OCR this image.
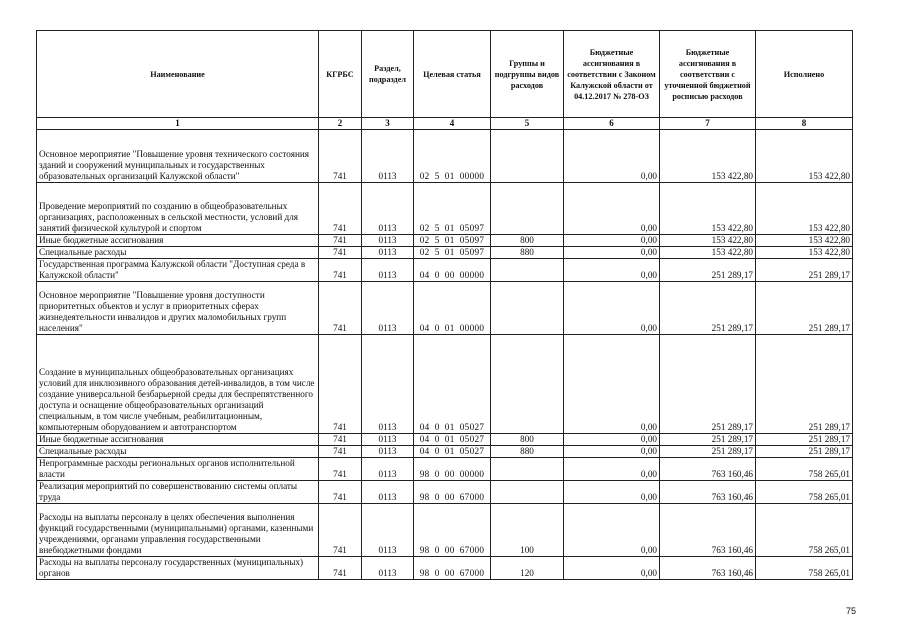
Наименование	КГРБС	Раздел, подраздел	Целевая статья	Группы и подгруппы видов расходов	Бюджетные ассигнования в соответствии с Законом Калужской области от 04.12.2017 № 278-ОЗ	Бюджетные ассигнования в соответствии с уточненной бюджетной росписью расходов	Исполнено
1	2	3	4	5	6	7	8
Основное мероприятие "Повышение уровня технического состояния зданий и сооружений муниципальных и государственных образовательных организаций Калужской области"	741	0113	02  5  01  00000		0,00	153 422,80	153 422,80
Проведение мероприятий по созданию в общеобразовательных организациях, расположенных в сельской местности, условий для занятий физической культурой и спортом	741	0113	02  5  01  05097		0,00	153 422,80	153 422,80
Иные бюджетные ассигнования	741	0113	02  5  01  05097	800	0,00	153 422,80	153 422,80
Специальные расходы	741	0113	02  5  01  05097	880	0,00	153 422,80	153 422,80
Государственная программа Калужской области "Доступная среда в Калужской области"	741	0113	04  0  00  00000		0,00	251 289,17	251 289,17
Основное мероприятие "Повышение уровня доступности приоритетных объектов и услуг в приоритетных сферах жизнедеятельности инвалидов и других маломобильных групп населения"	741	0113	04  0  01  00000		0,00	251 289,17	251 289,17
Создание в муниципальных общеобразовательных организациях условий для инклюзивного образования детей-инвалидов, в том числе создание универсальной безбарьерной среды для беспрепятственного доступа и оснащение общеобразовательных организаций специальным, в том числе учебным, реабилитационным, компьютерным оборудованием и автотранспортом	741	0113	04  0  01  05027		0,00	251 289,17	251 289,17
Иные бюджетные ассигнования	741	0113	04  0  01  05027	800	0,00	251 289,17	251 289,17
Специальные расходы	741	0113	04  0  01  05027	880	0,00	251 289,17	251 289,17
Непрограммные расходы региональных органов исполнительной власти	741	0113	98  0  00  00000		0,00	763 160,46	758 265,01
Реализация мероприятий по совершенствованию системы оплаты труда	741	0113	98  0  00  67000		0,00	763 160,46	758 265,01
Расходы на выплаты персоналу в целях обеспечения выполнения функций государственными (муниципальными) органами, казенными учреждениями, органами управления государственными внебюджетными фондами	741	0113	98  0  00  67000	100	0,00	763 160,46	758 265,01
Расходы на выплаты персоналу государственных (муниципальных) органов	741	0113	98  0  00  67000	120	0,00	763 160,46	758 265,01
75
